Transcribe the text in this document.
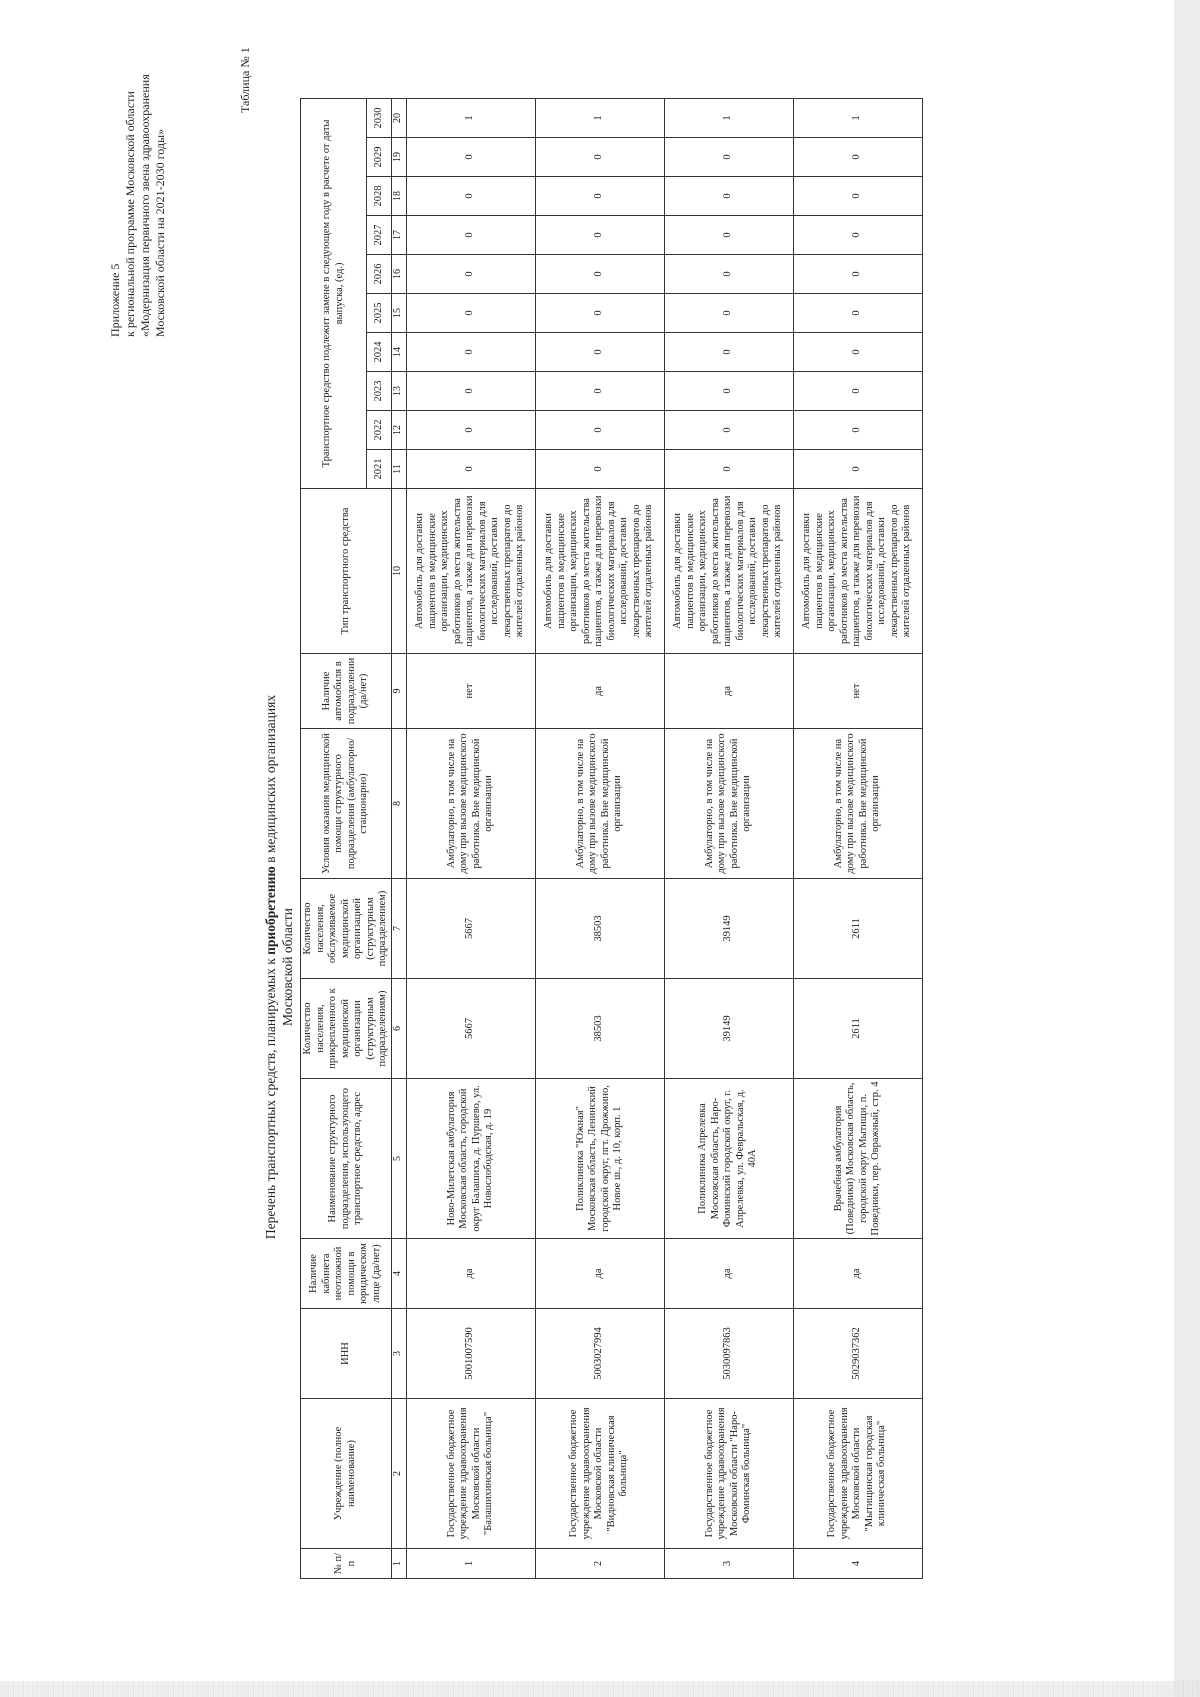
Приложение 5 к региональной программе Московской области «Модернизация первичного звена здравоохранения Московской области на 2021-2030 годы»
Таблица № 1
Перечень транспортных средств, планируемых к приобретению в медицинских организациях
Московской области
№ п/п	Учреждение (полное наименование)	ИНН	Наличие кабинета неотложной помощи в юридическом лице (да/нет)	Наименование структурного подразделения, использующего транспортное средство, адрес	Количество населения, прикрепленного к медицинской организации (структурным подразделениям)	Количество населения, обслуживаемое медицинской организацией (структурным подразделением)	Условия оказания медицинской помощи структурного подразделения (амбулаторно/стационарно)	Наличие автомобиля в подразделении (да/нет)	Тип транспортного средства	Транспортное средство подлежит замене в следующем году в расчете от даты выпуска, (ед.)									
										2021	2022	2023	2024	2025	2026	2027	2028	2029	2030
1	2	3	4	5	6	7	8	9	10	11	12	13	14	15	16	17	18	19	20
1	Государственное бюджетное учреждение здравоохранения Московской области "Балашихинская больница"	5001007590	да	Ново-Милетская амбулатория Московская область, городской округ Балашиха, д. Пуршево, ул. Новослободская, д. 19	5667	5667	Амбулаторно, в том числе на дому при вызове медицинского работника. Вне медицинской организации	нет	Автомобиль для доставки пациентов в медицинские организации, медицинских работников до места жительства пациентов, а также для перевозки биологических материалов для исследований, доставки лекарственных препаратов до жителей отдаленных районов	0	0	0	0	0	0	0	0	0	1
2	Государственное бюджетное учреждение здравоохранения Московской области "Видновская клиническая больница"	5003027994	да	Поликлиника "Южная" Московская область, Ленинский городской округ, пгт. Дрожжино, Новое ш., д. 10, корп. 1	38503	38503	Амбулаторно, в том числе на дому при вызове медицинского работника. Вне медицинской организации	да	Автомобиль для доставки пациентов в медицинские организации, медицинских работников до места жительства пациентов, а также для перевозки биологических материалов для исследований, доставки лекарственных препаратов до жителей отдаленных районов	0	0	0	0	0	0	0	0	0	1
3	Государственное бюджетное учреждение здравоохранения Московской области "Наро-Фоминская больница"	5030097863	да	Поликлиника Апрелевка Московская область, Наро-Фоминский городской округ, г. Апрелевка, ул. Февральская, д. 40А	39149	39149	Амбулаторно, в том числе на дому при вызове медицинского работника. Вне медицинской организации	да	Автомобиль для доставки пациентов в медицинские организации, медицинских работников до места жительства пациентов, а также для перевозки биологических материалов для исследований, доставки лекарственных препаратов до жителей отдаленных районов	0	0	0	0	0	0	0	0	0	1
4	Государственное бюджетное учреждение здравоохранения Московской области "Мытищинская городская клиническая больница"	5029037362	да	Врачебная амбулатория (Поведники) Московская область, городской округ Мытищи, п. Поведники, пер. Овражный, стр. 4	2611	2611	Амбулаторно, в том числе на дому при вызове медицинского работника. Вне медицинской организации	нет	Автомобиль для доставки пациентов в медицинские организации, медицинских работников до места жительства пациентов, а также для перевозки биологических материалов для исследований, доставки лекарственных препаратов до жителей отдаленных районов	0	0	0	0	0	0	0	0	0	1
